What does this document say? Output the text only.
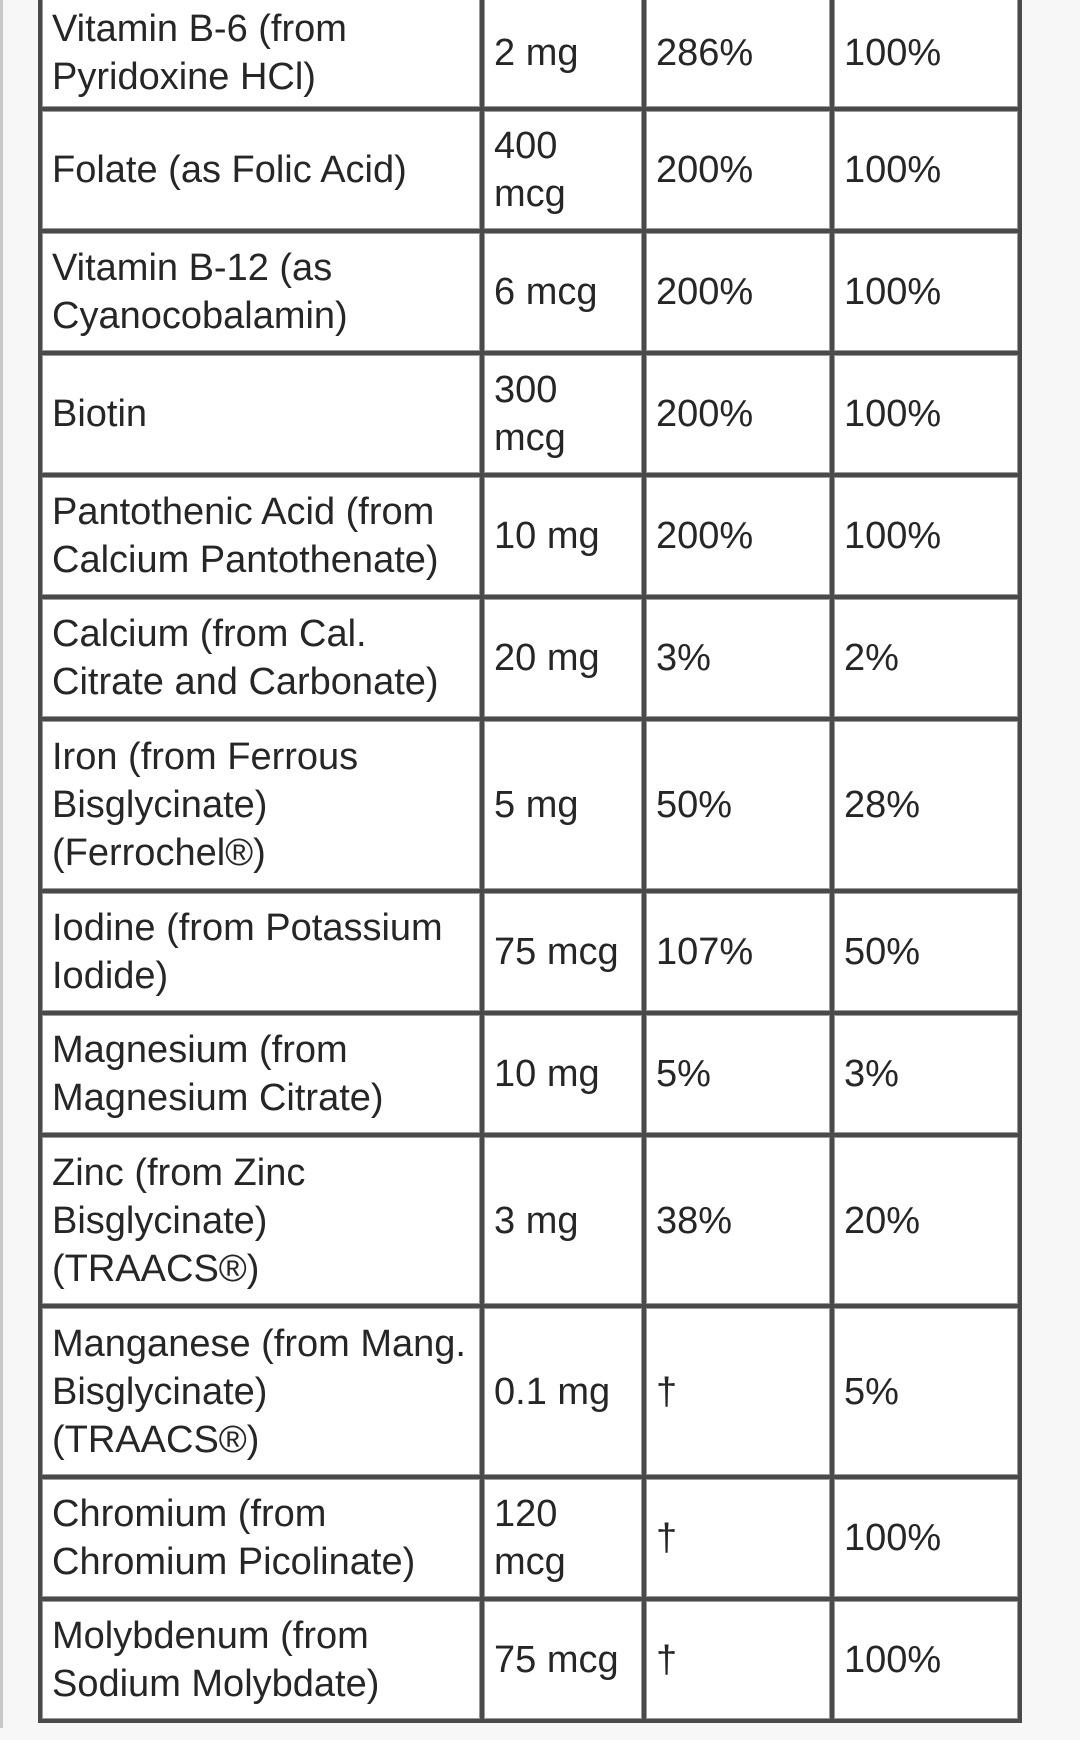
Vitamin B-6 (from Pyridoxine HCl)	2 mg	286%	100%
Folate (as Folic Acid)	400 mcg	200%	100%
Vitamin B-12 (as Cyanocobalamin)	6 mcg	200%	100%
Biotin	300 mcg	200%	100%
Pantothenic Acid (from Calcium Pantothenate)	10 mg	200%	100%
Calcium (from Cal. Citrate and Carbonate)	20 mg	3%	2%
Iron (from Ferrous Bisglycinate) (Ferrochel®)	5 mg	50%	28%
Iodine (from Potassium Iodide)	75 mcg	107%	50%
Magnesium (from Magnesium Citrate)	10 mg	5%	3%
Zinc (from Zinc Bisglycinate) (TRAACS®)	3 mg	38%	20%
Manganese (from Mang. Bisglycinate) (TRAACS®)	0.1 mg	†	5%
Chromium (from Chromium Picolinate)	120 mcg	†	100%
Molybdenum (from Sodium Molybdate)	75 mcg	†	100%
